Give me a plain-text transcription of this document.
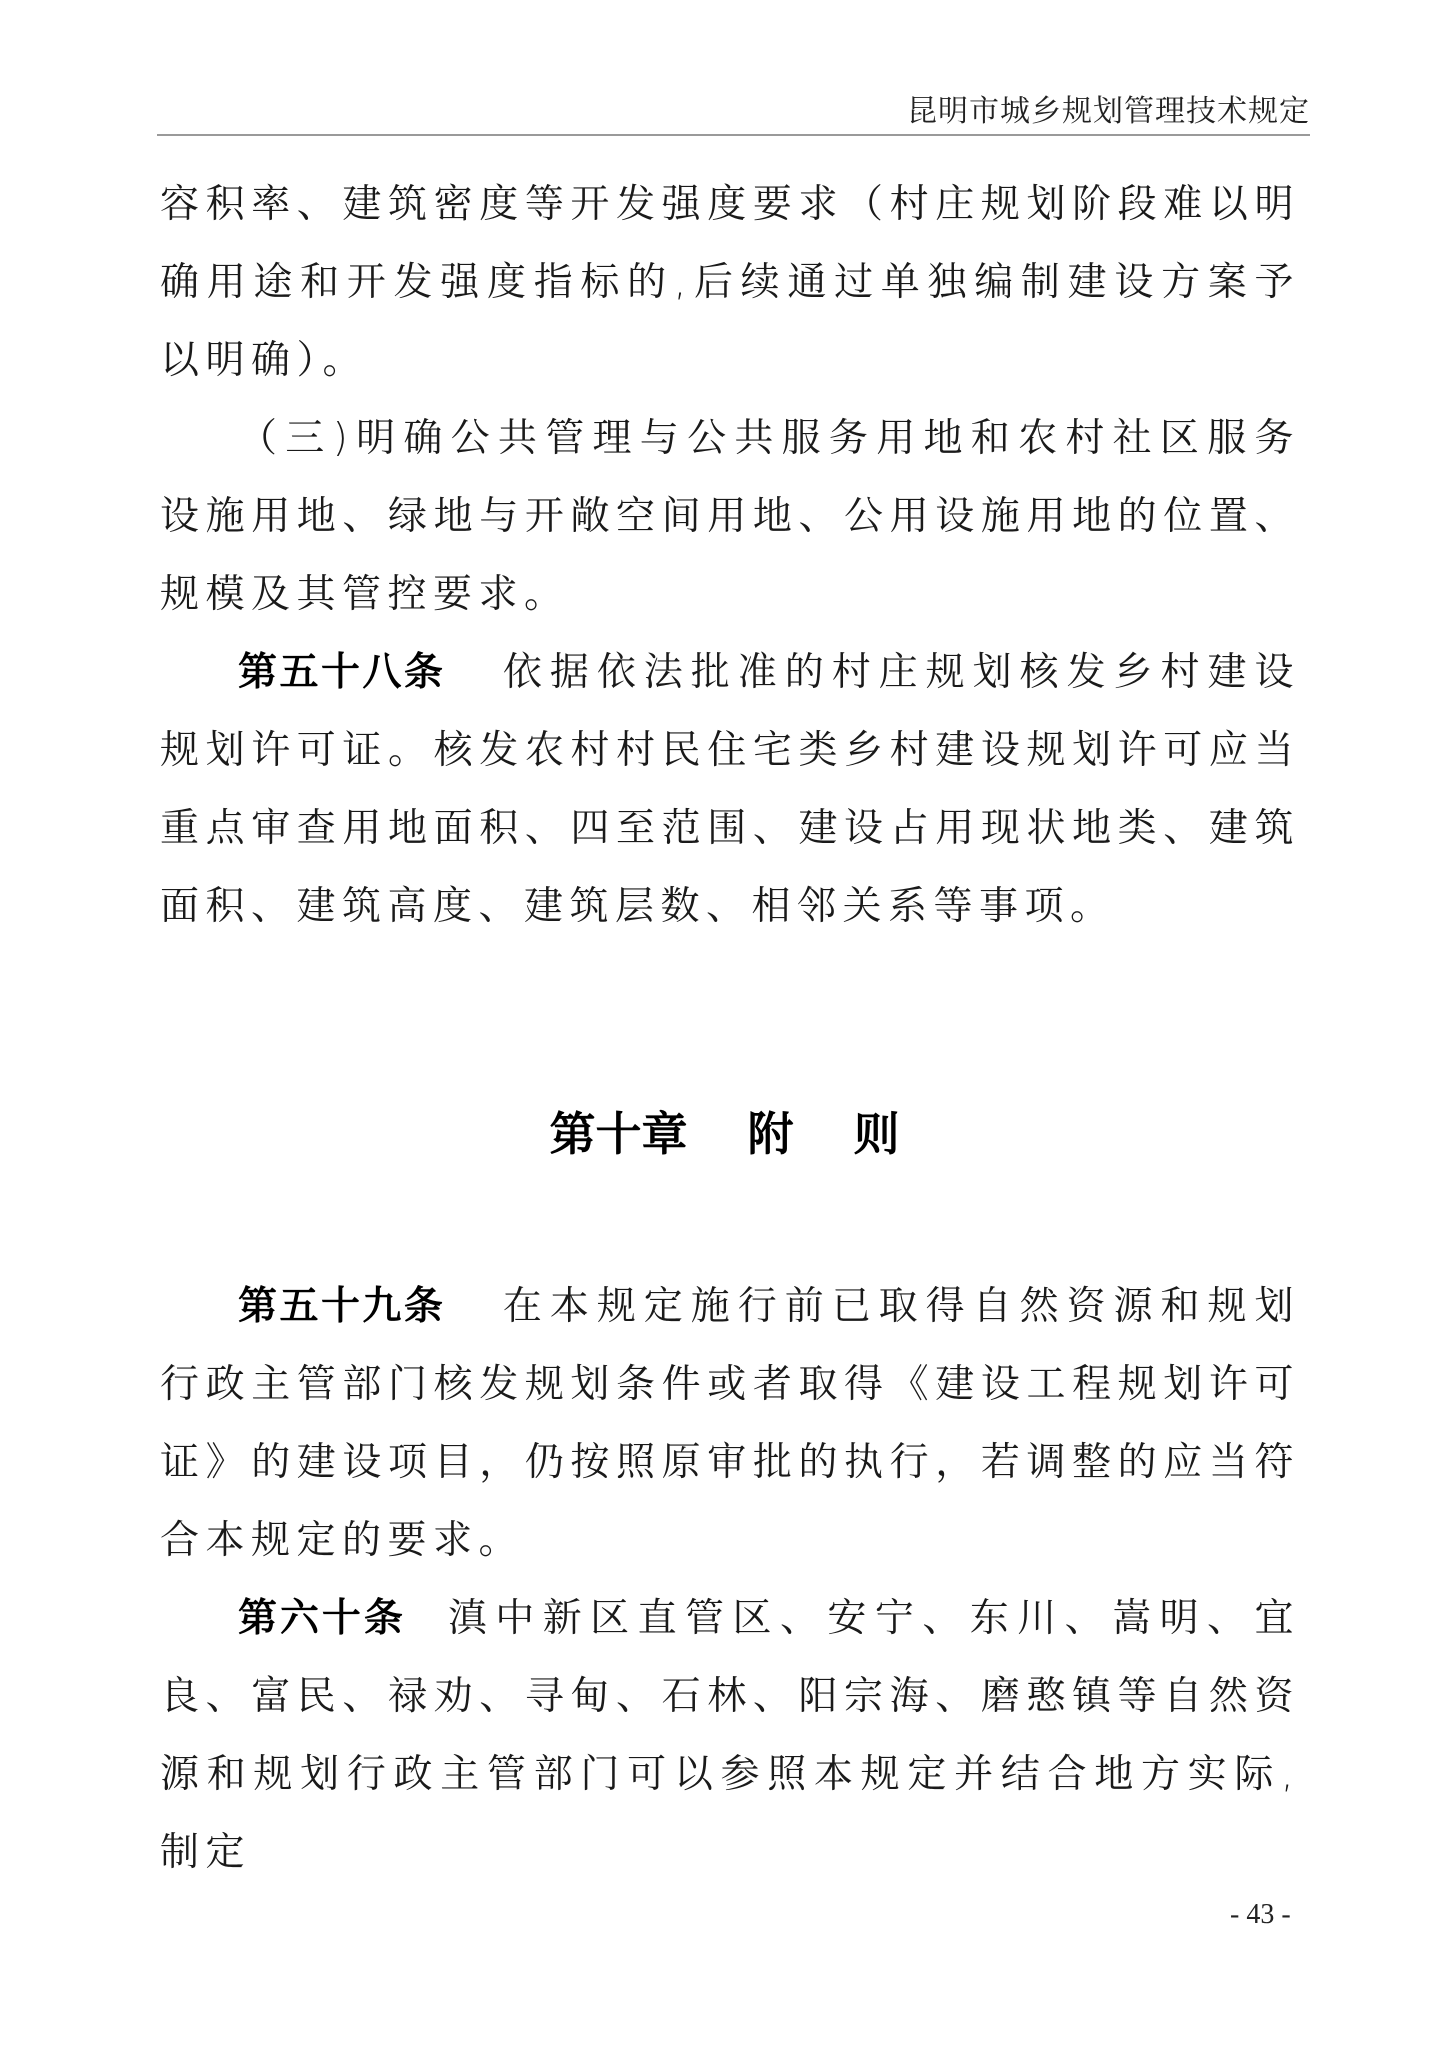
昆明市城乡规划管理技术规定

容积率、建筑密度等开发强度要求（村庄规划阶段难以明确用途和开发强度指标的,后续通过单独编制建设方案予以明确）。

（三)明确公共管理与公共服务用地和农村社区服务设施用地、绿地与开敞空间用地、公用设施用地的位置、规模及其管控要求。

第五十八条 依据依法批准的村庄规划核发乡村建设规划许可证。核发农村村民住宅类乡村建设规划许可应当重点审查用地面积、四至范围、建设占用现状地类、建筑面积、建筑高度、建筑层数、相邻关系等事项。

第十章 附 则

第五十九条 在本规定施行前已取得自然资源和规划行政主管部门核发规划条件或者取得《建设工程规划许可证》的建设项目，仍按照原审批的执行，若调整的应当符合本规定的要求。

第六十条 滇中新区直管区、安宁、东川、嵩明、宜良、富民、禄劝、寻甸、石林、阳宗海、磨憨镇等自然资源和规划行政主管部门可以参照本规定并结合地方实际,制定

- 43 -
